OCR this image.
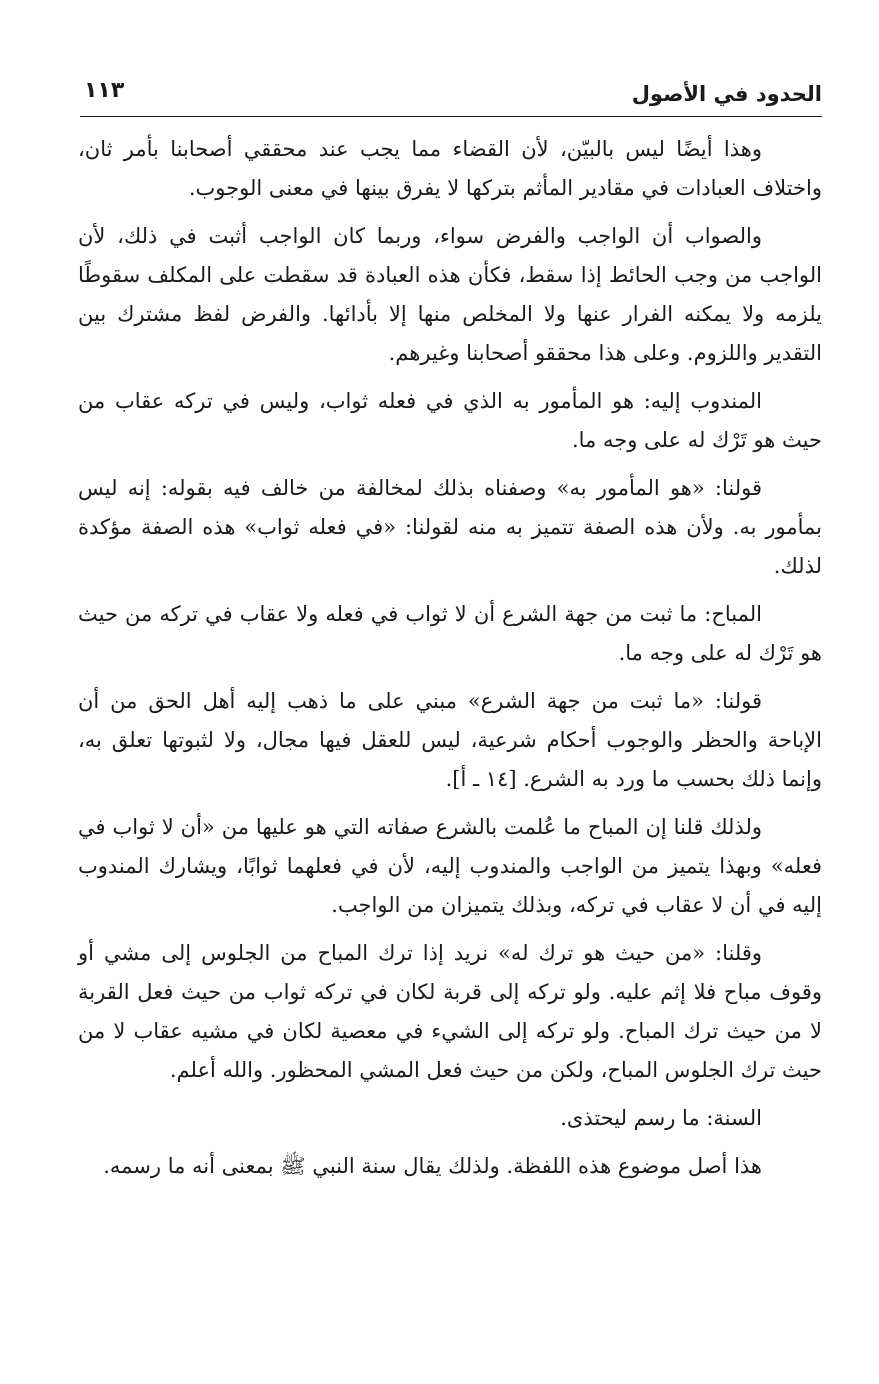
الحدود في الأصول
١١٣

وهذا أيضًا ليس بالبيّن، لأن القضاء مما يجب عند محققي أصحابنا بأمر ثان، واختلاف العبادات في مقادير المأثم بتركها لا يفرق بينها في معنى الوجوب.

والصواب أن الواجب والفرض سواء، وربما كان الواجب أثبت في ذلك، لأن الواجب من وجب الحائط إذا سقط، فكأن هذه العبادة قد سقطت على المكلف سقوطًا يلزمه ولا يمكنه الفرار عنها ولا المخلص منها إلا بأدائها. والفرض لفظ مشترك بين التقدير واللزوم. وعلى هذا محققو أصحابنا وغيرهم.

المندوب إليه: هو المأمور به الذي في فعله ثواب، وليس في تركه عقاب من حيث هو تَرْك له على وجه ما.

قولنا: «هو المأمور به» وصفناه بذلك لمخالفة من خالف فيه بقوله: إنه ليس بمأمور به. ولأن هذه الصفة تتميز به منه لقولنا: «في فعله ثواب» هذه الصفة مؤكدة لذلك.

المباح: ما ثبت من جهة الشرع أن لا ثواب في فعله ولا عقاب في تركه من حيث هو تَرْك له على وجه ما.

قولنا: «ما ثبت من جهة الشرع» مبني على ما ذهب إليه أهل الحق من أن الإباحة والحظر والوجوب أحكام شرعية، ليس للعقل فيها مجال، ولا لثبوتها تعلق به، وإنما ذلك بحسب ما ورد به الشرع. [١٤ ـ أ].

ولذلك قلنا إن المباح ما عُلمت بالشرع صفاته التي هو عليها من «أن لا ثواب في فعله» وبهذا يتميز من الواجب والمندوب إليه، لأن في فعلهما ثوابًا، ويشارك المندوب إليه في أن لا عقاب في تركه، وبذلك يتميزان من الواجب.

وقلنا: «من حيث هو ترك له» نريد إذا ترك المباح من الجلوس إلى مشي أو وقوف مباح فلا إثم عليه. ولو تركه إلى قربة لكان في تركه ثواب من حيث فعل القربة لا من حيث ترك المباح. ولو تركه إلى الشيء في معصية لكان في مشيه عقاب لا من حيث ترك الجلوس المباح، ولكن من حيث فعل المشي المحظور. والله أعلم.

السنة: ما رسم ليحتذى.

هذا أصل موضوع هذه اللفظة. ولذلك يقال سنة النبي ﷺ بمعنى أنه ما رسمه.
